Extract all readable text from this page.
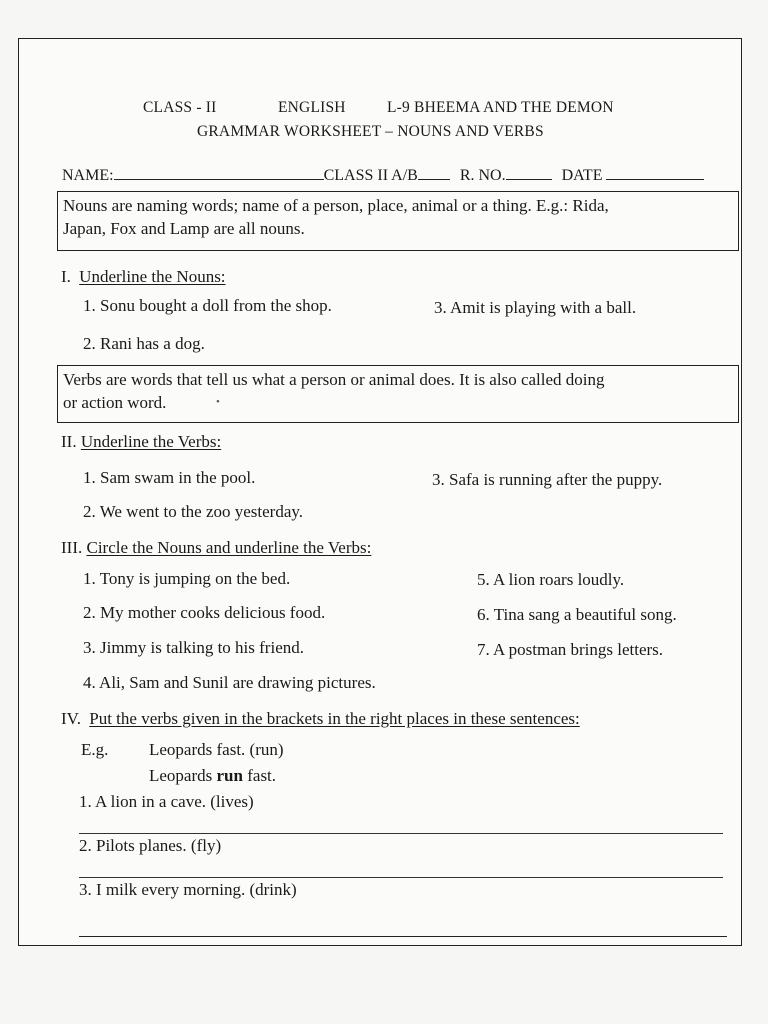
CLASS - II	ENGLISH	L-9 BHEEMA AND THE DEMON
GRAMMAR WORKSHEET – NOUNS AND VERBS
NAME:	CLASS II A/B	R. NO.	DATE
Nouns are naming words; name of a person, place, animal or a thing. E.g.: Rida,
Japan, Fox and Lamp are all nouns.
I. Underline the Nouns:
1. Sonu bought a doll from the shop.
2. Rani has a dog.
3. Amit is playing with a ball.
Verbs are words that tell us what a person or animal does. It is also called doing
or action word.	•
II. Underline the Verbs:
1. Sam swam in the pool.
2. We went to the zoo yesterday.
3. Safa is running after the puppy.
III. Circle the Nouns and underline the Verbs:
1. Tony is jumping on the bed.
2. My mother cooks delicious food.
3. Jimmy is talking to his friend.
4. Ali, Sam and Sunil are drawing pictures.
5. A lion roars loudly.
6. Tina sang a beautiful song.
7. A postman brings letters.
IV. Put the verbs given in the brackets in the right places in these sentences:
E.g. Leopards fast. (run)
Leopards run fast.
1. A lion in a cave. (lives)
2. Pilots planes. (fly)
3. I milk every morning. (drink)
